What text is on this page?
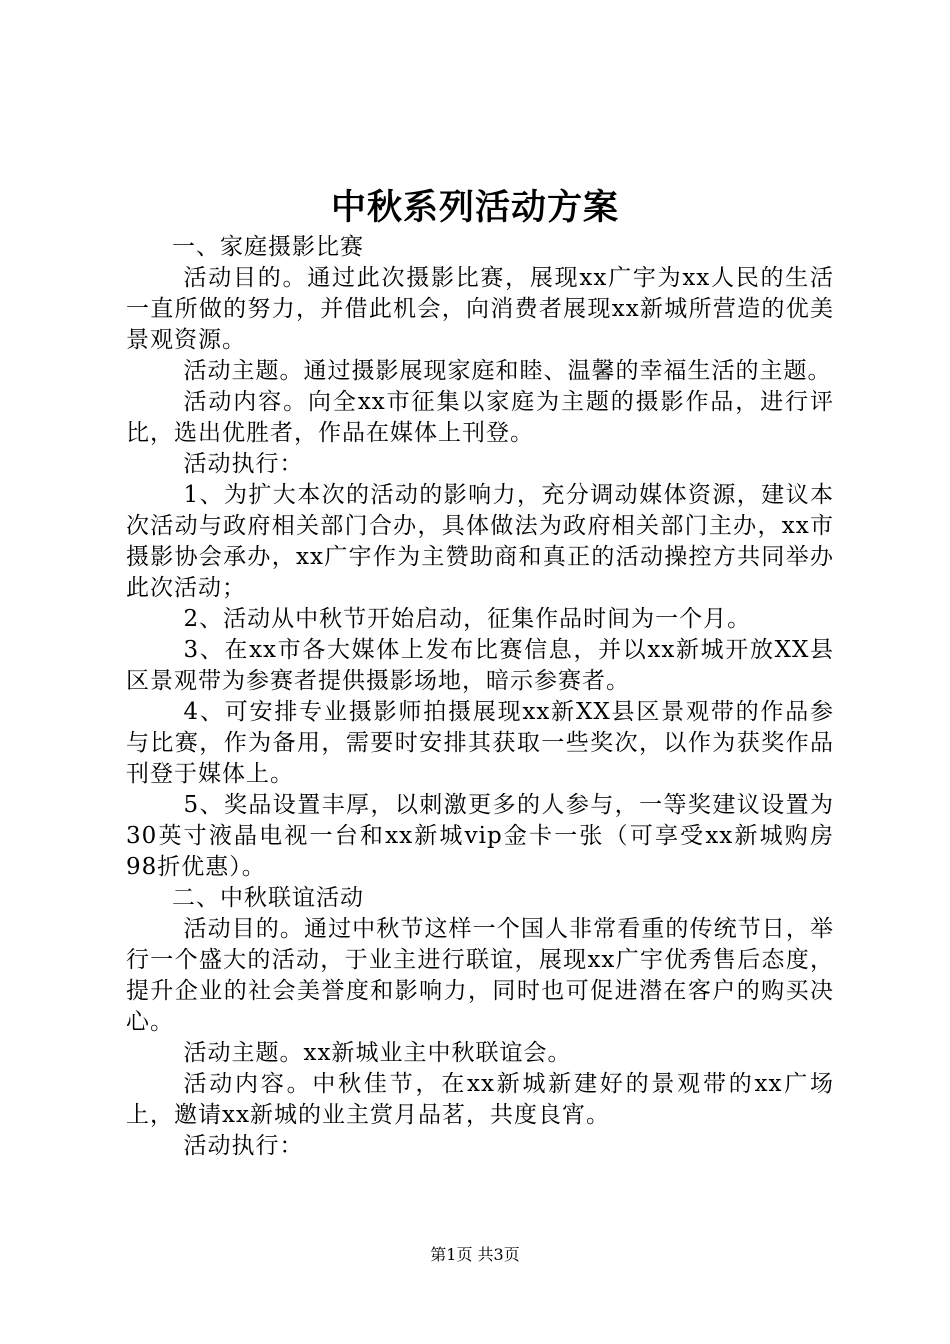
中秋系列活动方案

一、家庭摄影比赛

活动目的。通过此次摄影比赛，展现xx广宇为xx人民的生活一直所做的努力，并借此机会，向消费者展现xx新城所营造的优美景观资源。

活动主题。通过摄影展现家庭和睦、温馨的幸福生活的主题。

活动内容。向全xx市征集以家庭为主题的摄影作品，进行评比，选出优胜者，作品在媒体上刊登。

活动执行：

1、为扩大本次的活动的影响力，充分调动媒体资源，建议本次活动与政府相关部门合办，具体做法为政府相关部门主办，xx市摄影协会承办，xx广宇作为主赞助商和真正的活动操控方共同举办此次活动；

2、活动从中秋节开始启动，征集作品时间为一个月。

3、在xx市各大媒体上发布比赛信息，并以xx新城开放XX县区景观带为参赛者提供摄影场地，暗示参赛者。

4、可安排专业摄影师拍摄展现xx新XX县区景观带的作品参与比赛，作为备用，需要时安排其获取一些奖次，以作为获奖作品刊登于媒体上。

5、奖品设置丰厚，以刺激更多的人参与，一等奖建议设置为30英寸液晶电视一台和xx新城vip金卡一张（可享受xx新城购房98折优惠）。

二、中秋联谊活动

活动目的。通过中秋节这样一个国人非常看重的传统节日，举行一个盛大的活动，于业主进行联谊，展现xx广宇优秀售后态度，提升企业的社会美誉度和影响力，同时也可促进潜在客户的购买决心。

活动主题。xx新城业主中秋联谊会。

活动内容。中秋佳节，在xx新城新建好的景观带的xx广场上，邀请xx新城的业主赏月品茗，共度良宵。

活动执行：

第1页 共3页
